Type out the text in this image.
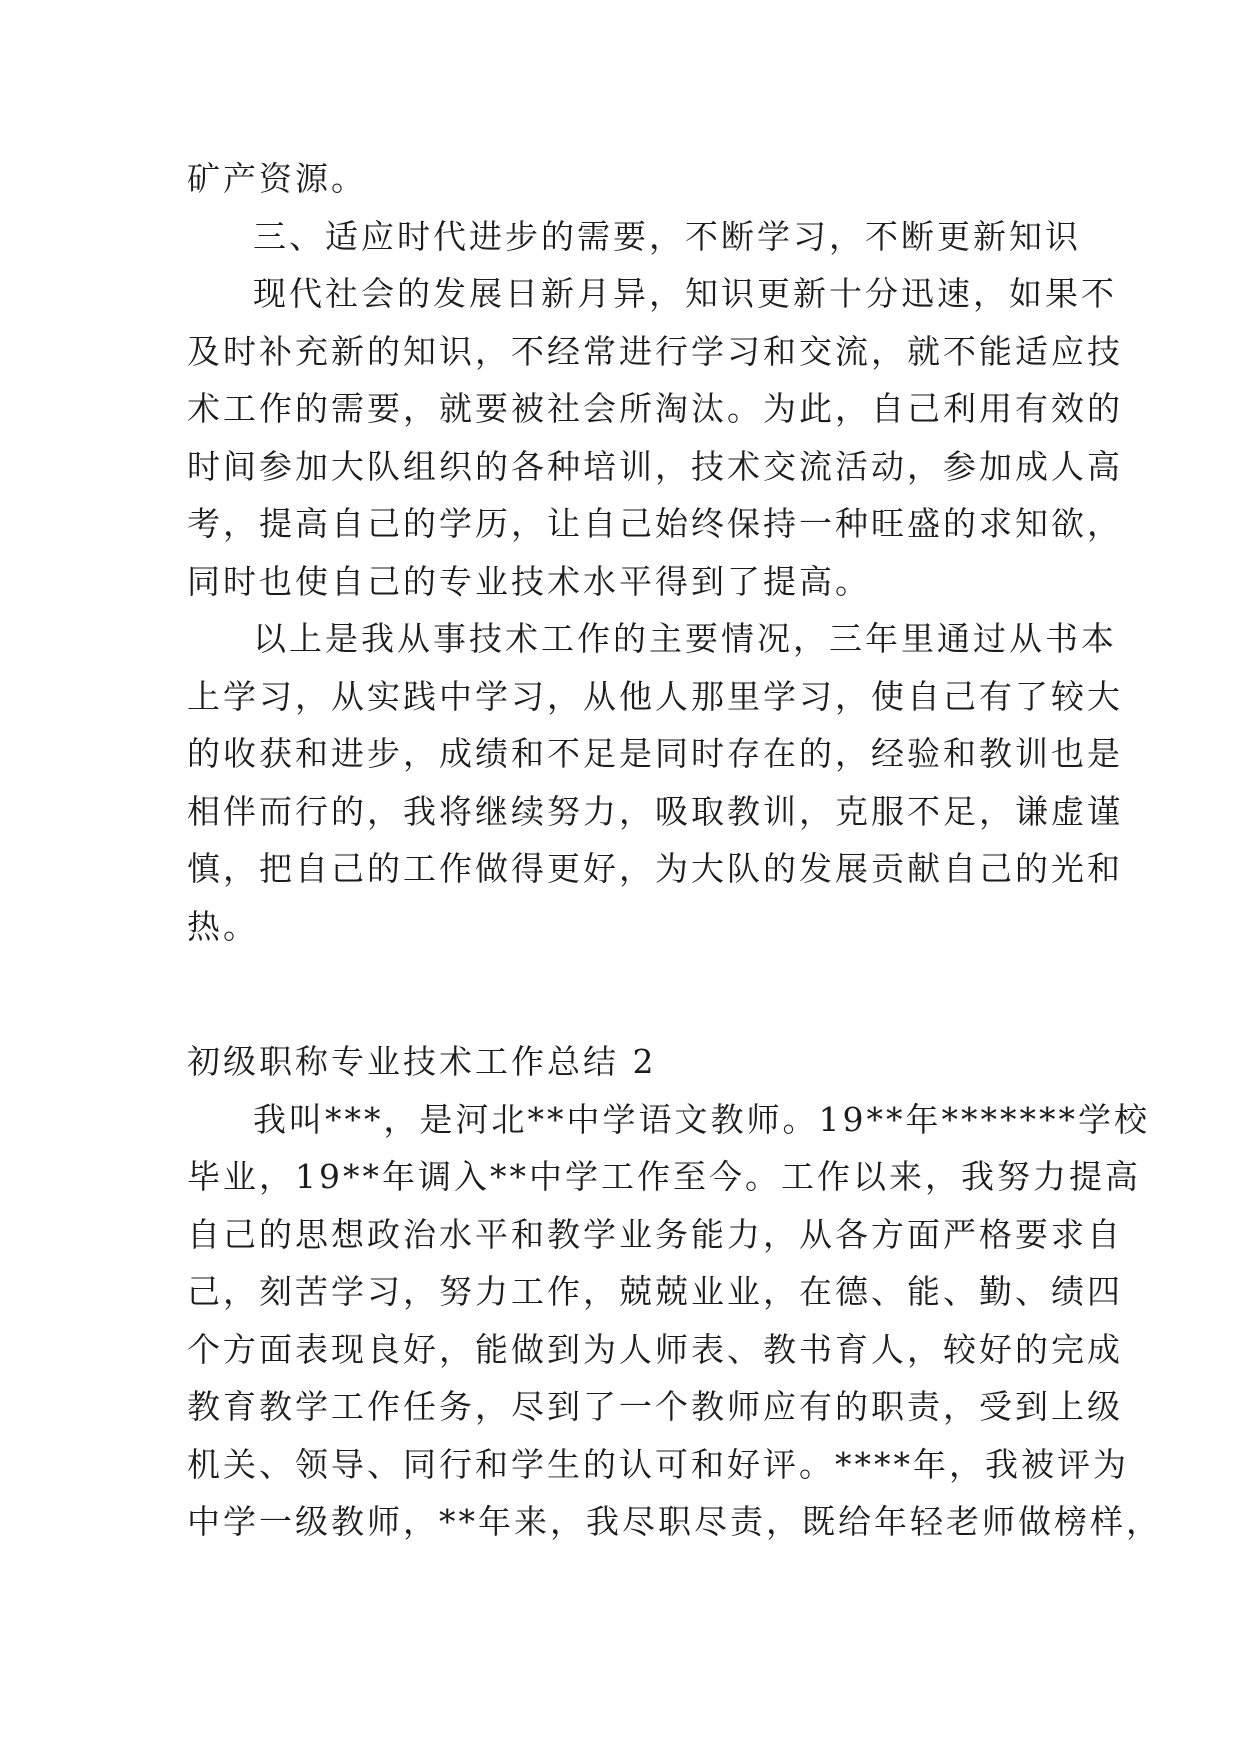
矿产资源。
三、适应时代进步的需要，不断学习，不断更新知识
现代社会的发展日新月异，知识更新十分迅速，如果不
及时补充新的知识，不经常进行学习和交流，就不能适应技
术工作的需要，就要被社会所淘汰。为此，自己利用有效的
时间参加大队组织的各种培训，技术交流活动，参加成人高
考，提高自己的学历，让自己始终保持一种旺盛的求知欲，
同时也使自己的专业技术水平得到了提高。
以上是我从事技术工作的主要情况，三年里通过从书本
上学习，从实践中学习，从他人那里学习，使自己有了较大
的收获和进步，成绩和不足是同时存在的，经验和教训也是
相伴而行的，我将继续努力，吸取教训，克服不足，谦虚谨
慎，把自己的工作做得更好，为大队的发展贡献自己的光和
热。
初级职称专业技术工作总结 2
我叫***，是河北**中学语文教师。19**年*******学校
毕业，19**年调入**中学工作至今。工作以来，我努力提高
自己的思想政治水平和教学业务能力，从各方面严格要求自
己，刻苦学习，努力工作，兢兢业业，在德、能、勤、绩四
个方面表现良好，能做到为人师表、教书育人，较好的完成
教育教学工作任务，尽到了一个教师应有的职责，受到上级
机关、领导、同行和学生的认可和好评。****年，我被评为
中学一级教师，**年来，我尽职尽责，既给年轻老师做榜样，
